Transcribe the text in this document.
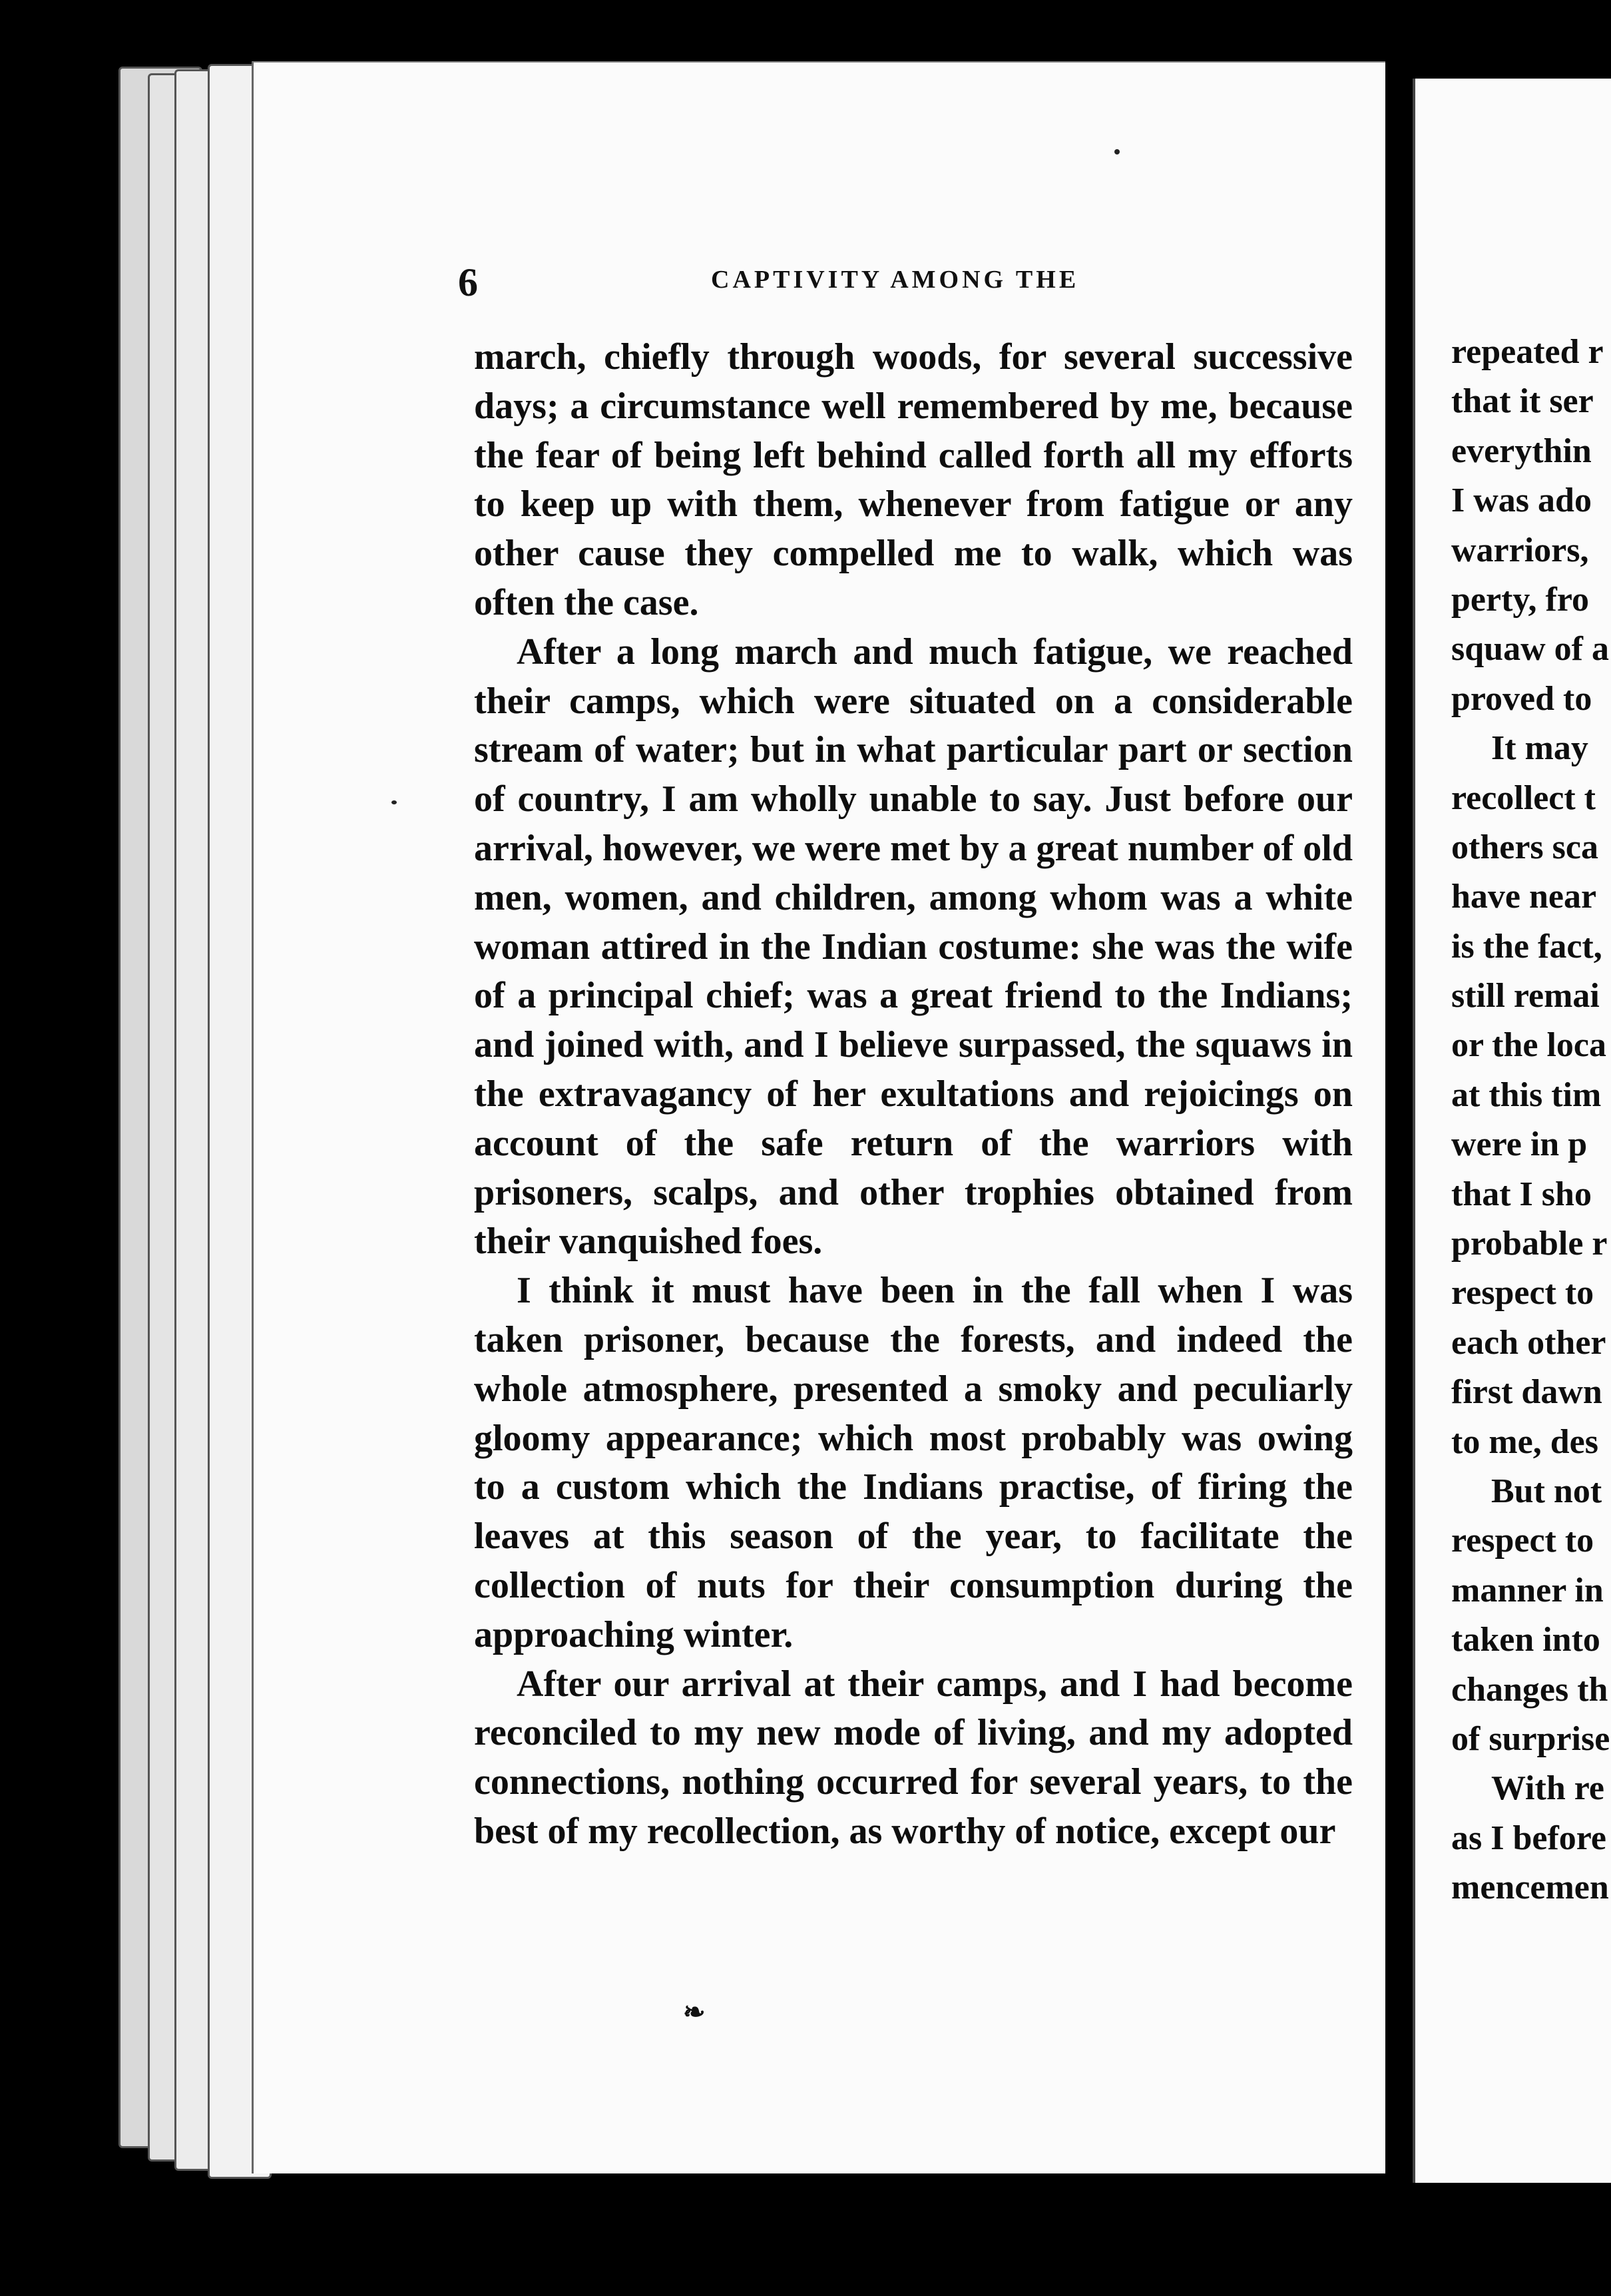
6	CAPTIVITY AMONG THE

march, chiefly through woods, for several successive days; a circumstance well remembered by me, because the fear of being left behind called forth all my efforts to keep up with them, whenever from fatigue or any other cause they compelled me to walk, which was often the case.

After a long march and much fatigue, we reached their camps, which were situated on a considerable stream of water; but in what particular part or section of country, I am wholly unable to say. Just before our arrival, however, we were met by a great number of old men, women, and children, among whom was a white woman attired in the Indian costume: she was the wife of a principal chief; was a great friend to the Indians; and joined with, and I believe surpassed, the squaws in the extravagancy of her exultations and rejoicings on account of the safe return of the warriors with prisoners, scalps, and other trophies obtained from their vanquished foes.

I think it must have been in the fall when I was taken prisoner, because the forests, and indeed the whole atmosphere, presented a smoky and peculiarly gloomy appearance; which most probably was owing to a custom which the Indians practise, of firing the leaves at this season of the year, to facilitate the collection of nuts for their consumption during the approaching winter.

After our arrival at their camps, and I had become reconciled to my new mode of living, and my adopted connections, nothing occurred for several years, to the best of my recollection, as worthy of notice, except our

❧
repeated r
that it ser
everythin
I was ado
warriors,
perty, fro
squaw of a
proved to
It may
recollect t
others sca
have near
is the fact,
still remai
or the loca
at this tim
were in p
that I sho
probable r
respect to
each other
first dawn
to me, des
But not
respect to
manner in
taken into
changes th
of surprise
With re
as I before
mencemen
